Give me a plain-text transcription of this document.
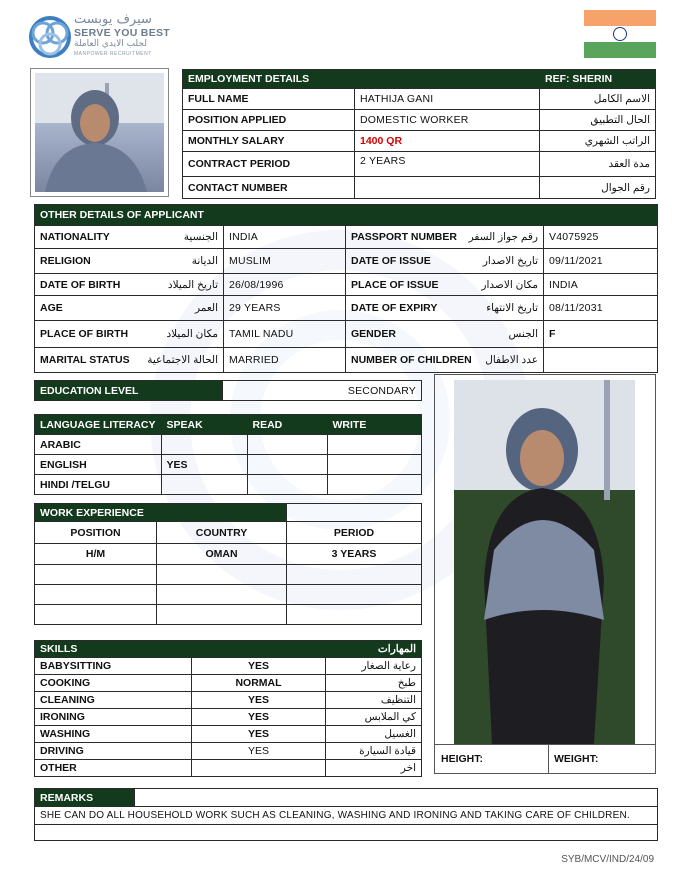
سيرف يوبست
SERVE YOU BEST
لجلب الايدي العاملة
MANPOWER RECRUITMENT
EMPLOYMENT DETAILS		REF: SHERIN
FULL NAME	HATHIJA GANI	الاسم الكامل
POSITION APPLIED	DOMESTIC WORKER	الحال التطبيق
MONTHLY SALARY	1400 QR	الراتب الشهري
CONTRACT PERIOD	2 YEARS	مدة العقد
CONTACT NUMBER		رقم الجوال
OTHER DETAILS OF APPLICANT			

NATIONALITY الجنسية	INDIA	PASSPORT NUMBER رقم جواز السفر	V4075925

RELIGION الديانة	MUSLIM	DATE OF ISSUE تاريخ الاصدار	09/11/2021

DATE OF BIRTH تاريخ الميلاد	26/08/1996	PLACE OF ISSUE مكان الاصدار	INDIA

AGE العمر	29 YEARS	DATE OF EXPIRY تاريخ الانتهاء	08/11/2031

PLACE OF BIRTH مكان الميلاد	TAMIL NADU	GENDER الجنس	F

MARITAL STATUS الحالة الاجتماعية	MARRIED	NUMBER OF CHILDREN عدد الاطفال	

EDUCATION LEVEL	SECONDARY
LANGUAGE LITERACY	SPEAK	READ	WRITE
ARABIC			
ENGLISH	YES		
HINDI /TELGU			
WORK EXPERIENCE		
POSITION	COUNTRY	PERIOD
H/M	OMAN	3 YEARS

SKILLS		المهارات
BABYSITTING	YES	رعاية الصغار
COOKING	NORMAL	طبخ
CLEANING	YES	التنظيف
IRONING	YES	كي الملابس
WASHING	YES	الغسيل
DRIVING	YES	قيادة السيارة
OTHER		اخر
HEIGHT:	WEIGHT:
REMARKS	
SHE CAN DO ALL HOUSEHOLD WORK SUCH AS CLEANING, WASHING AND IRONING AND TAKING CARE OF CHILDREN.

SYB/MCV/IND/24/09
